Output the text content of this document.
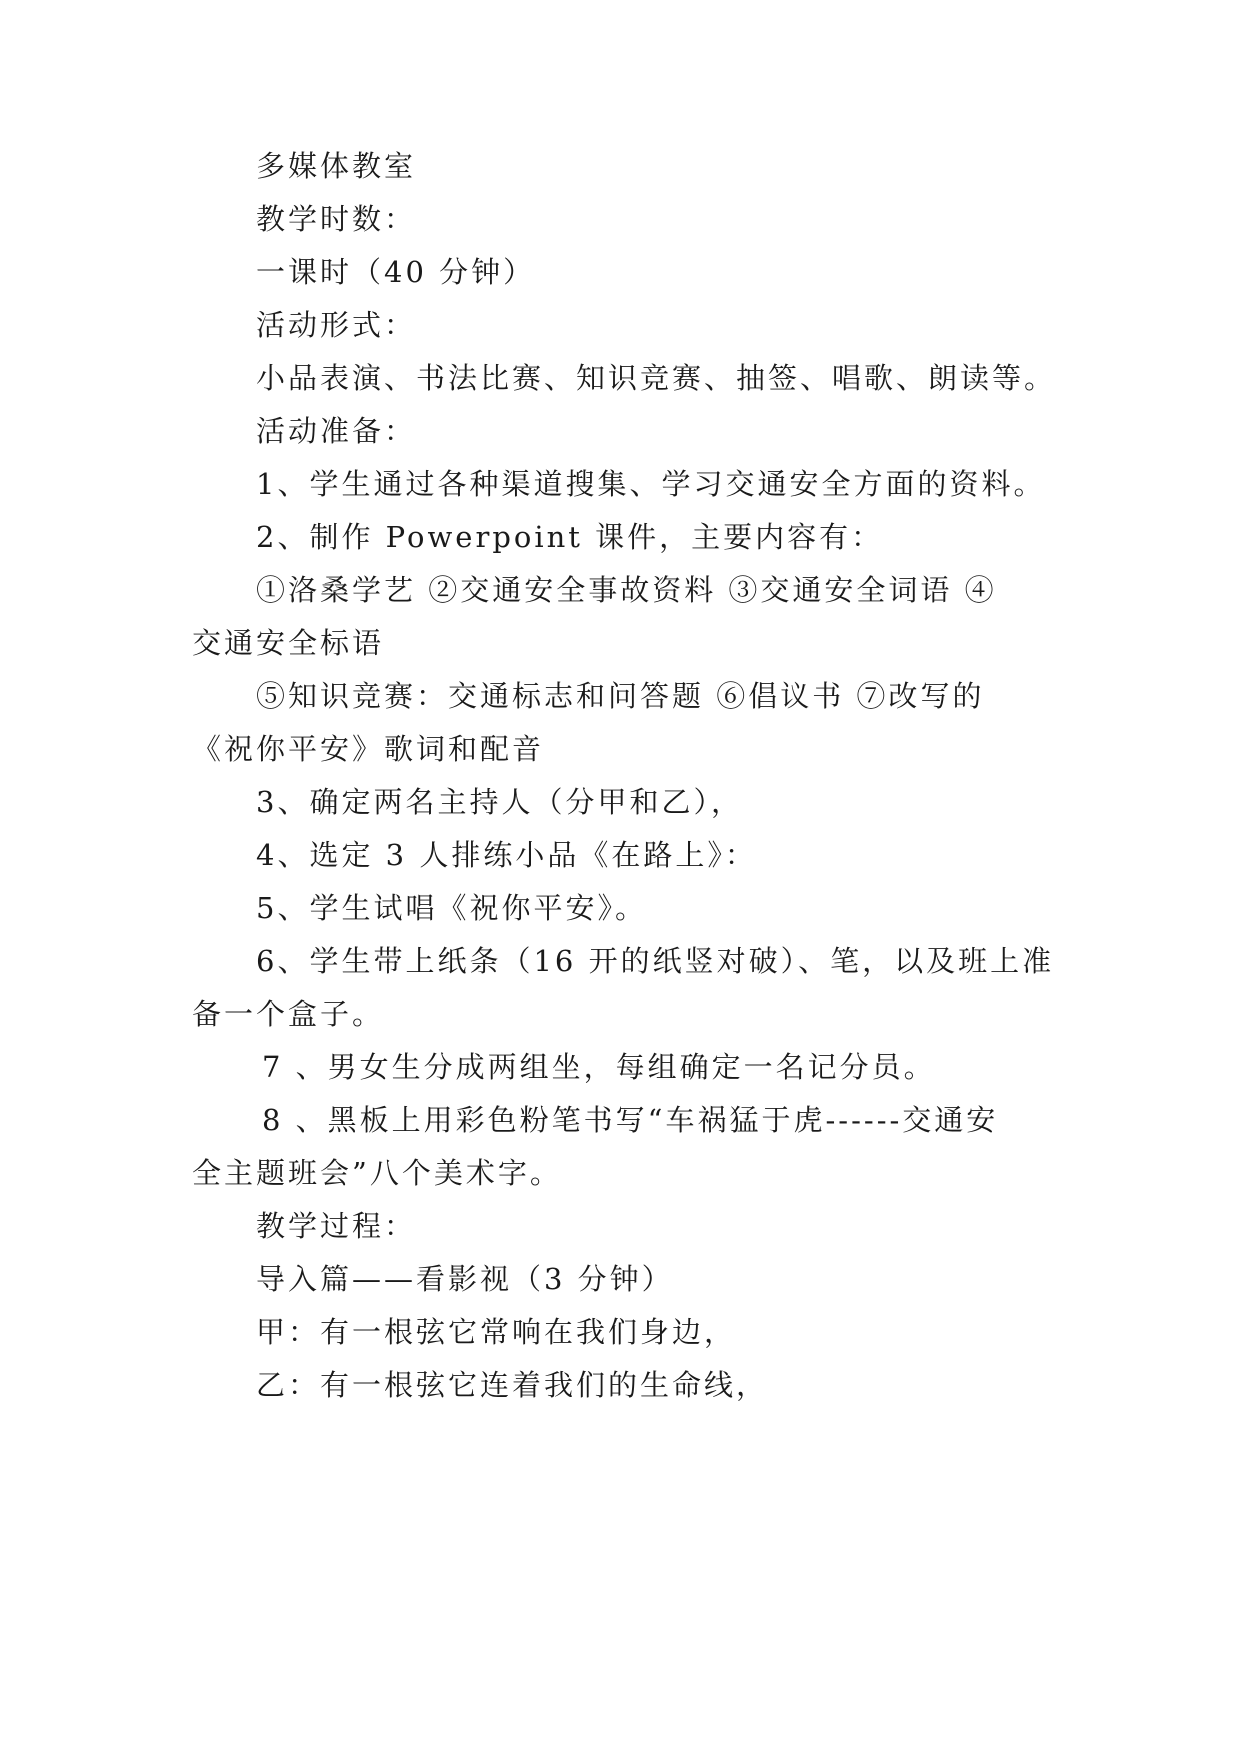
多媒体教室
教学时数：
一课时（40 分钟）
活动形式：
小品表演、书法比赛、知识竞赛、抽签、唱歌、朗读等。
活动准备：
1、学生通过各种渠道搜集、学习交通安全方面的资料。
2、制作 Powerpoint 课件，主要内容有：
①洛桑学艺 ②交通安全事故资料 ③交通安全词语 ④
交通安全标语
⑤知识竞赛：交通标志和问答题 ⑥倡议书 ⑦改写的
《祝你平安》歌词和配音
3、确定两名主持人（分甲和乙），
4、选定 3 人排练小品《在路上》：
5、学生试唱《祝你平安》。
6、学生带上纸条（16 开的纸竖对破）、笔，以及班上准
备一个盒子。
7 、男女生分成两组坐，每组确定一名记分员。
8 、黑板上用彩色粉笔书写“车祸猛于虎------交通安
全主题班会”八个美术字。
教学过程：
导入篇——看影视（3 分钟）
甲：有一根弦它常响在我们身边，
乙：有一根弦它连着我们的生命线，
